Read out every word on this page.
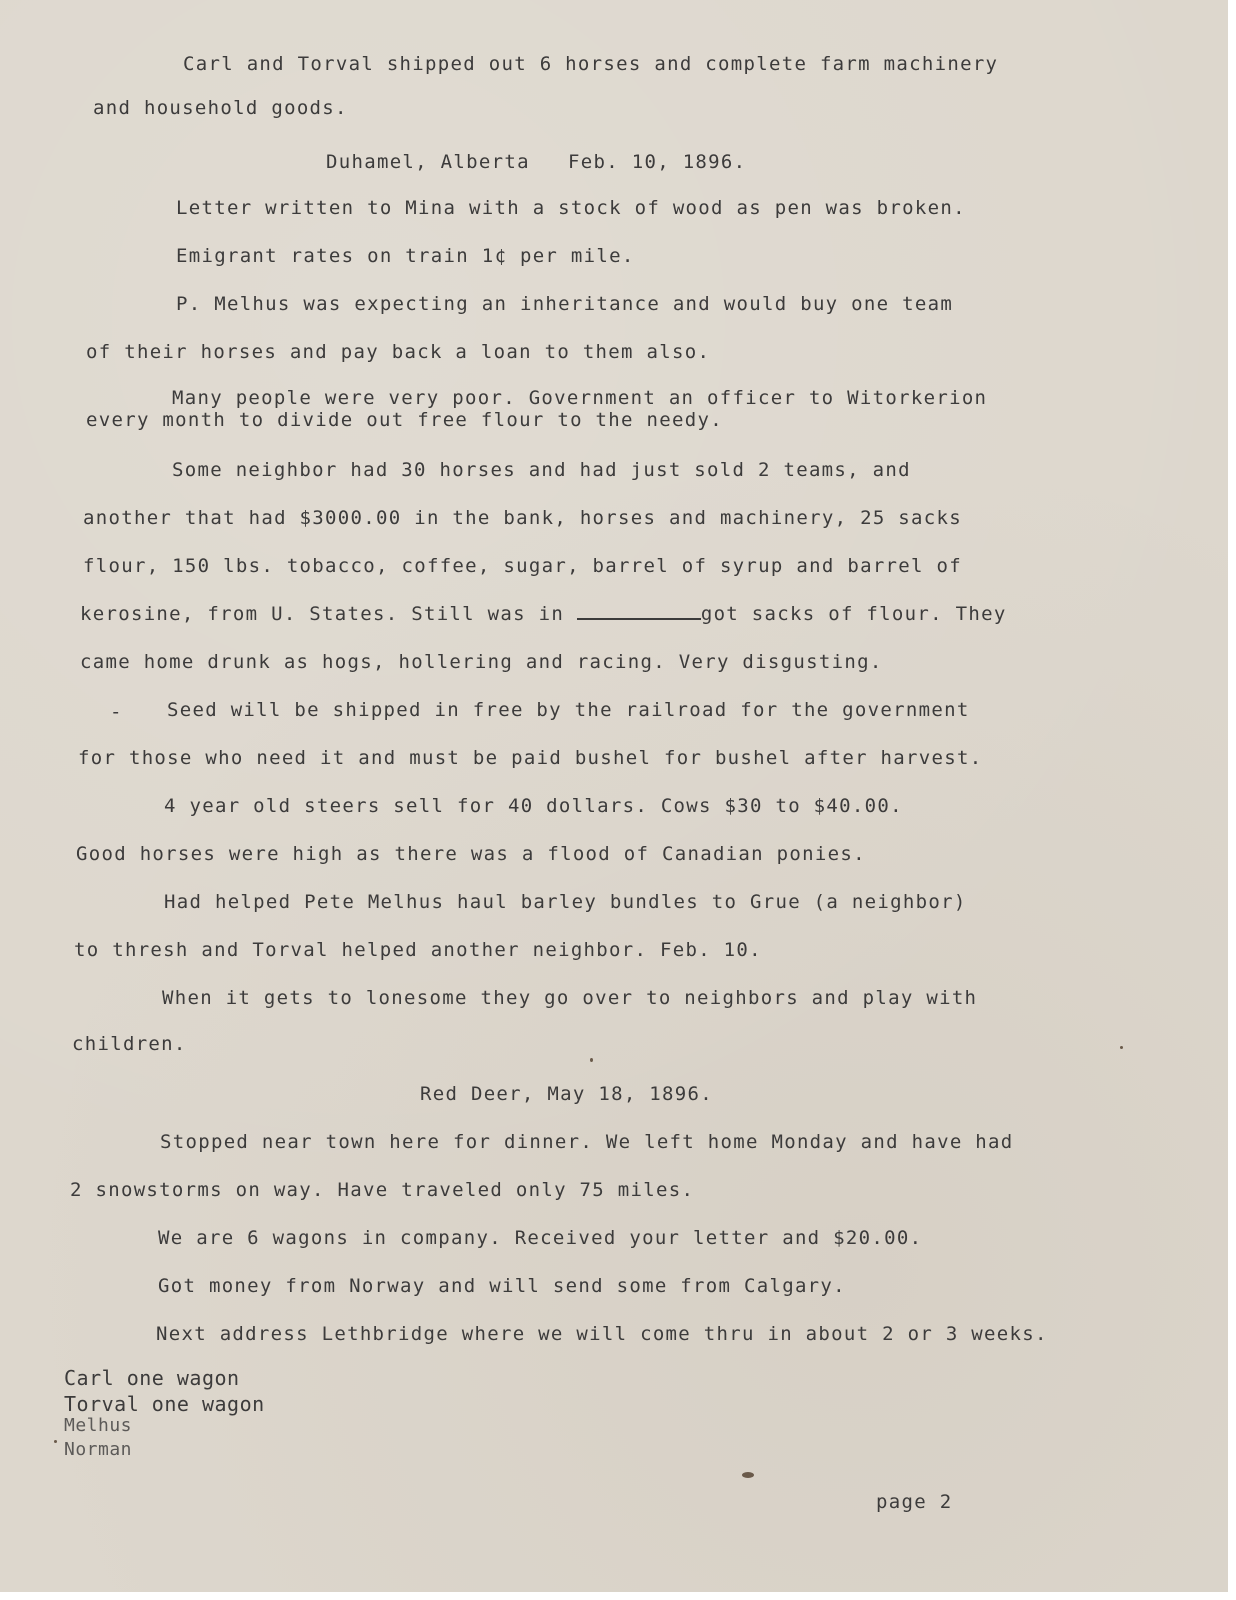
Carl and Torval shipped out 6 horses and complete farm machinery
and household goods.
Duhamel, Alberta   Feb. 10, 1896.
Letter written to Mina with a stock of wood as pen was broken.
Emigrant rates on train 1¢ per mile.
P. Melhus was expecting an inheritance and would buy one team
of their horses and pay back a loan to them also.
Many people were very poor. Government an officer to Witorkerion
every month to divide out free flour to the needy.
Some neighbor had 30 horses and had just sold 2 teams, and
another that had $3000.00 in the bank, horses and machinery, 25 sacks
flour, 150 lbs. tobacco, coffee, sugar, barrel of syrup and barrel of
kerosine, from U. States. Still was in	got sacks of flour. They
came home drunk as hogs, hollering and racing. Very disgusting.
- Seed will be shipped in free by the railroad for the government
for those who need it and must be paid bushel for bushel after harvest.
4 year old steers sell for 40 dollars. Cows $30 to $40.00.
Good horses were high as there was a flood of Canadian ponies.
Had helped Pete Melhus haul barley bundles to Grue (a neighbor)
to thresh and Torval helped another neighbor. Feb. 10.
When it gets to lonesome they go over to neighbors and play with
children.
Red Deer, May 18, 1896.
Stopped near town here for dinner. We left home Monday and have had
2 snowstorms on way. Have traveled only 75 miles.
We are 6 wagons in company. Received your letter and $20.00.
Got money from Norway and will send some from Calgary.
Next address Lethbridge where we will come thru in about 2 or 3 weeks.
Carl one wagon
Torval one wagon
Melhus
Norman
page 2
